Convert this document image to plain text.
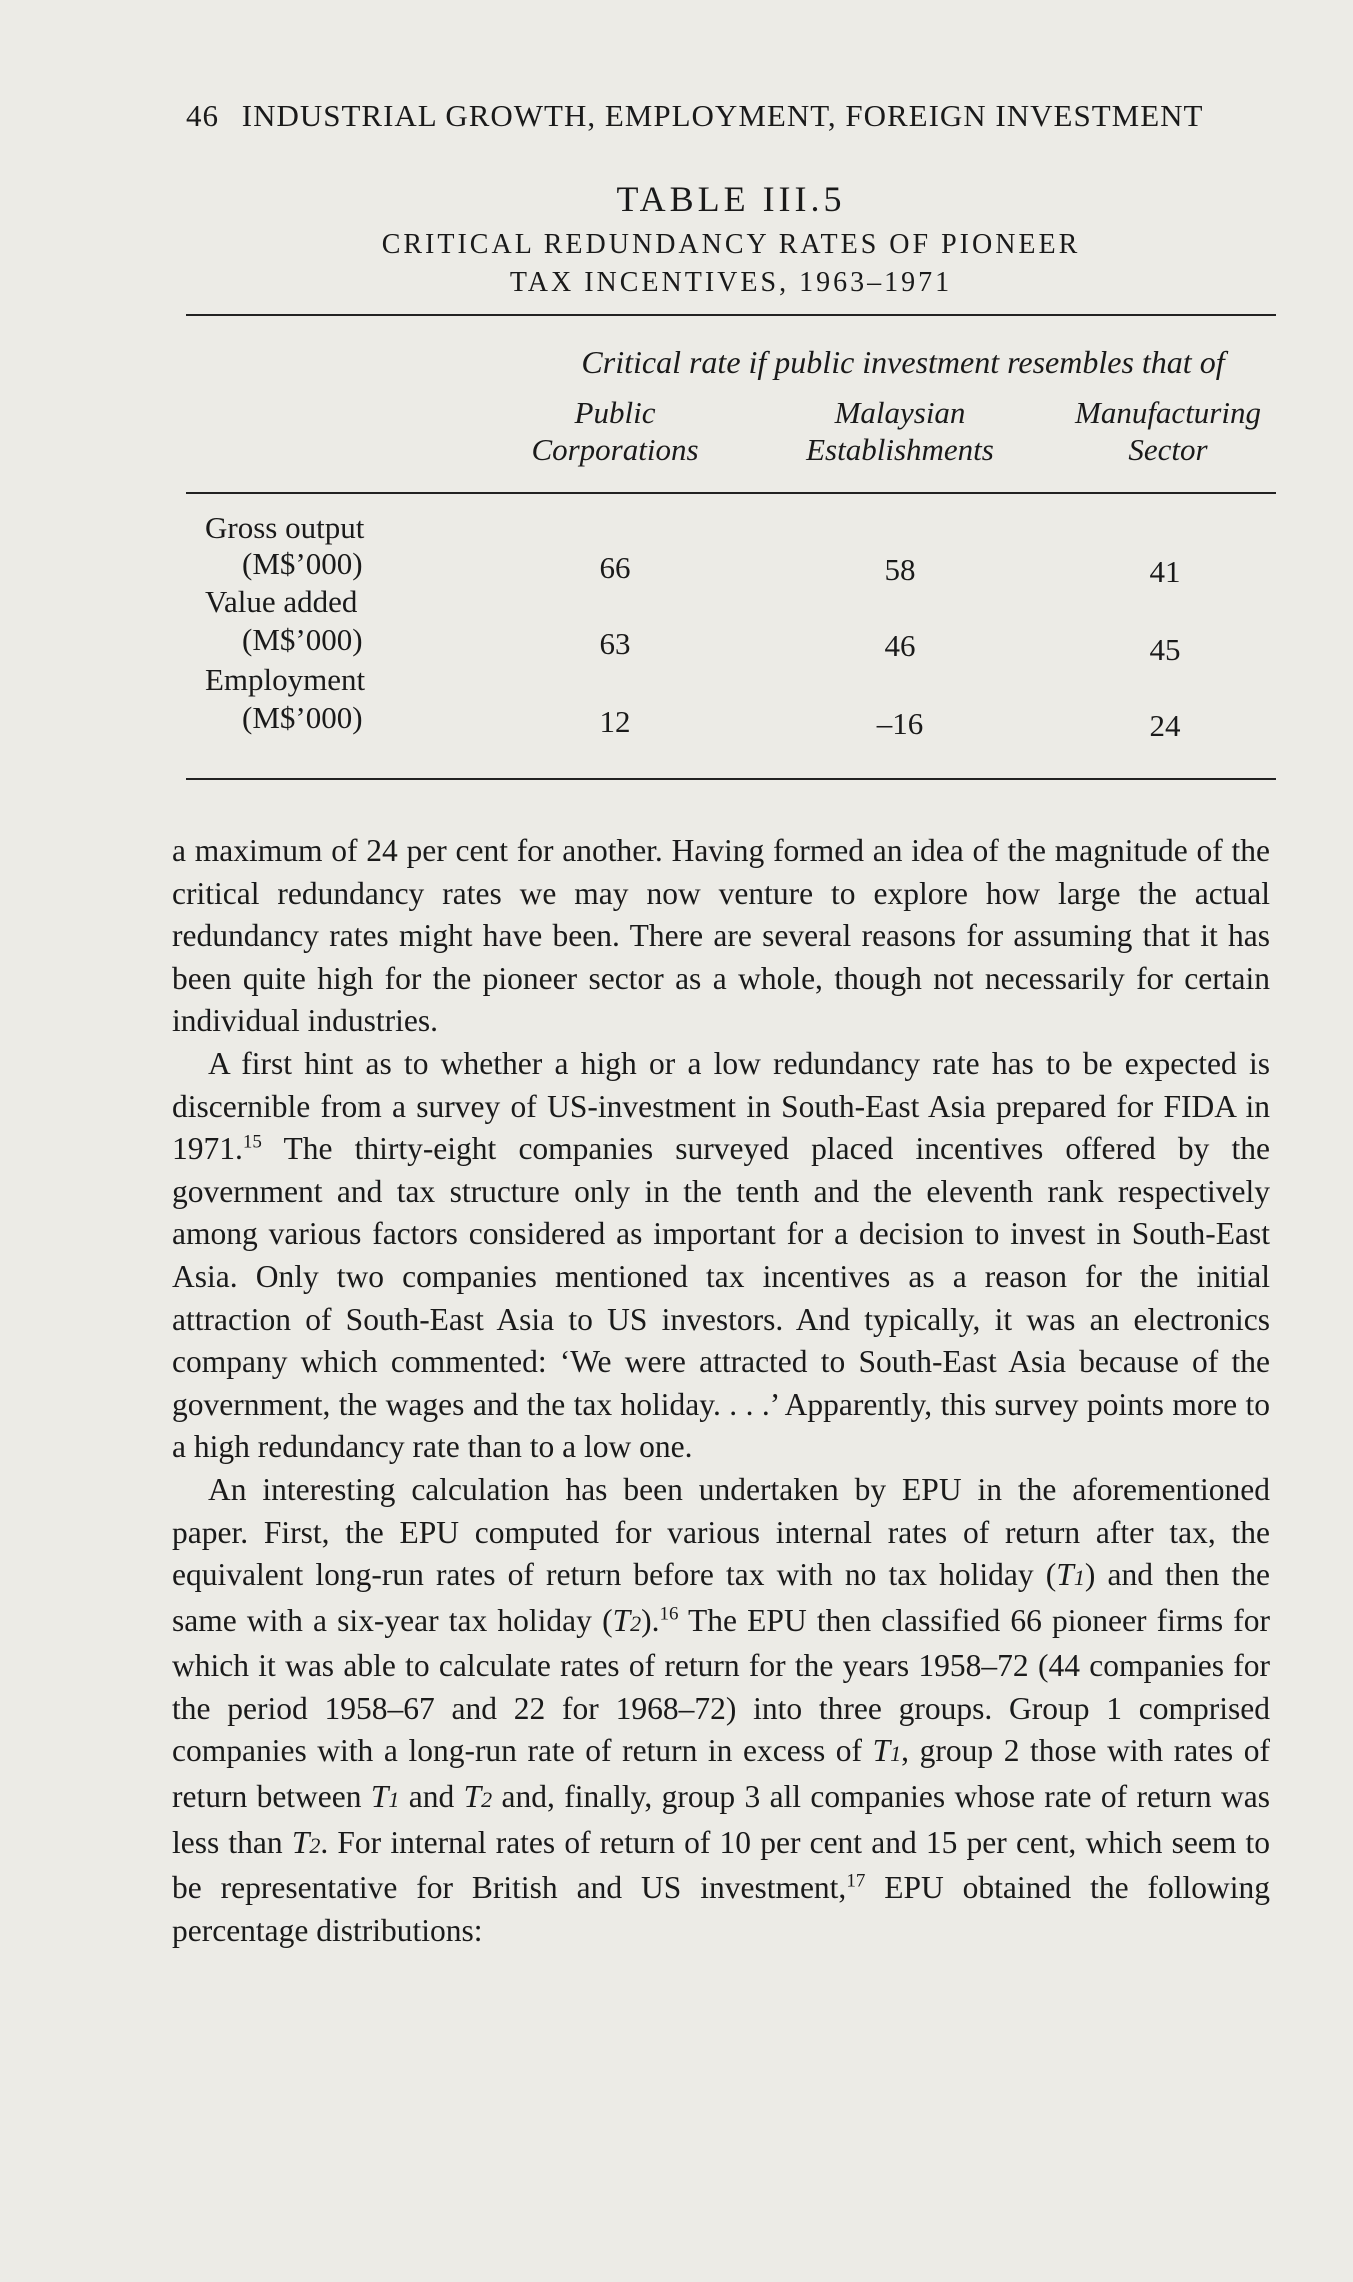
46 INDUSTRIAL GROWTH, EMPLOYMENT, FOREIGN INVESTMENT
TABLE III.5
CRITICAL REDUNDANCY RATES OF PIONEER
TAX INCENTIVES, 1963–1971
Critical rate if public investment resembles that of
Public
Corporations
Malaysian
Establishments
Manufacturing
Sector
Gross output
(M$’000)	66	58	41
Value added
(M$’000)	63	46	45
Employment
(M$’000)	12	–16	24

a maximum of 24 per cent for another. Having formed an idea of the magnitude of the critical redundancy rates we may now venture to explore how large the actual redundancy rates might have been. There are several reasons for assuming that it has been quite high for the pioneer sector as a whole, though not necessarily for certain individual industries.

A first hint as to whether a high or a low redundancy rate has to be expected is discernible from a survey of US-investment in South-East Asia prepared for FIDA in 1971.15 The thirty-eight companies surveyed placed incentives offered by the government and tax structure only in the tenth and the eleventh rank respectively among various factors considered as important for a decision to invest in South-East Asia. Only two companies mentioned tax incentives as a reason for the initial attraction of South-East Asia to US investors. And typically, it was an electronics company which commented: ‘We were attracted to South-East Asia because of the government, the wages and the tax holiday. . . .’ Apparently, this survey points more to a high redundancy rate than to a low one.

An interesting calculation has been undertaken by EPU in the aforementioned paper. First, the EPU computed for various internal rates of return after tax, the equivalent long-run rates of return before tax with no tax holiday (T1) and then the same with a six-year tax holiday (T2).$^{16}$ The EPU then classified 66 pioneer firms for which it was able to calculate rates of return for the years 1958–72 (44 companies for the period 1958–67 and 22 for 1968–72) into three groups. Group 1 comprised companies with a long-run rate of return in excess of T1, group 2 those with rates of return between T1 and T2 and, finally, group 3 all companies whose rate of return was less than T2. For internal rates of return of 10 per cent and 15 per cent, which seem to be representative for British and US investment,$^{17}$ EPU obtained the following percentage distributions:
